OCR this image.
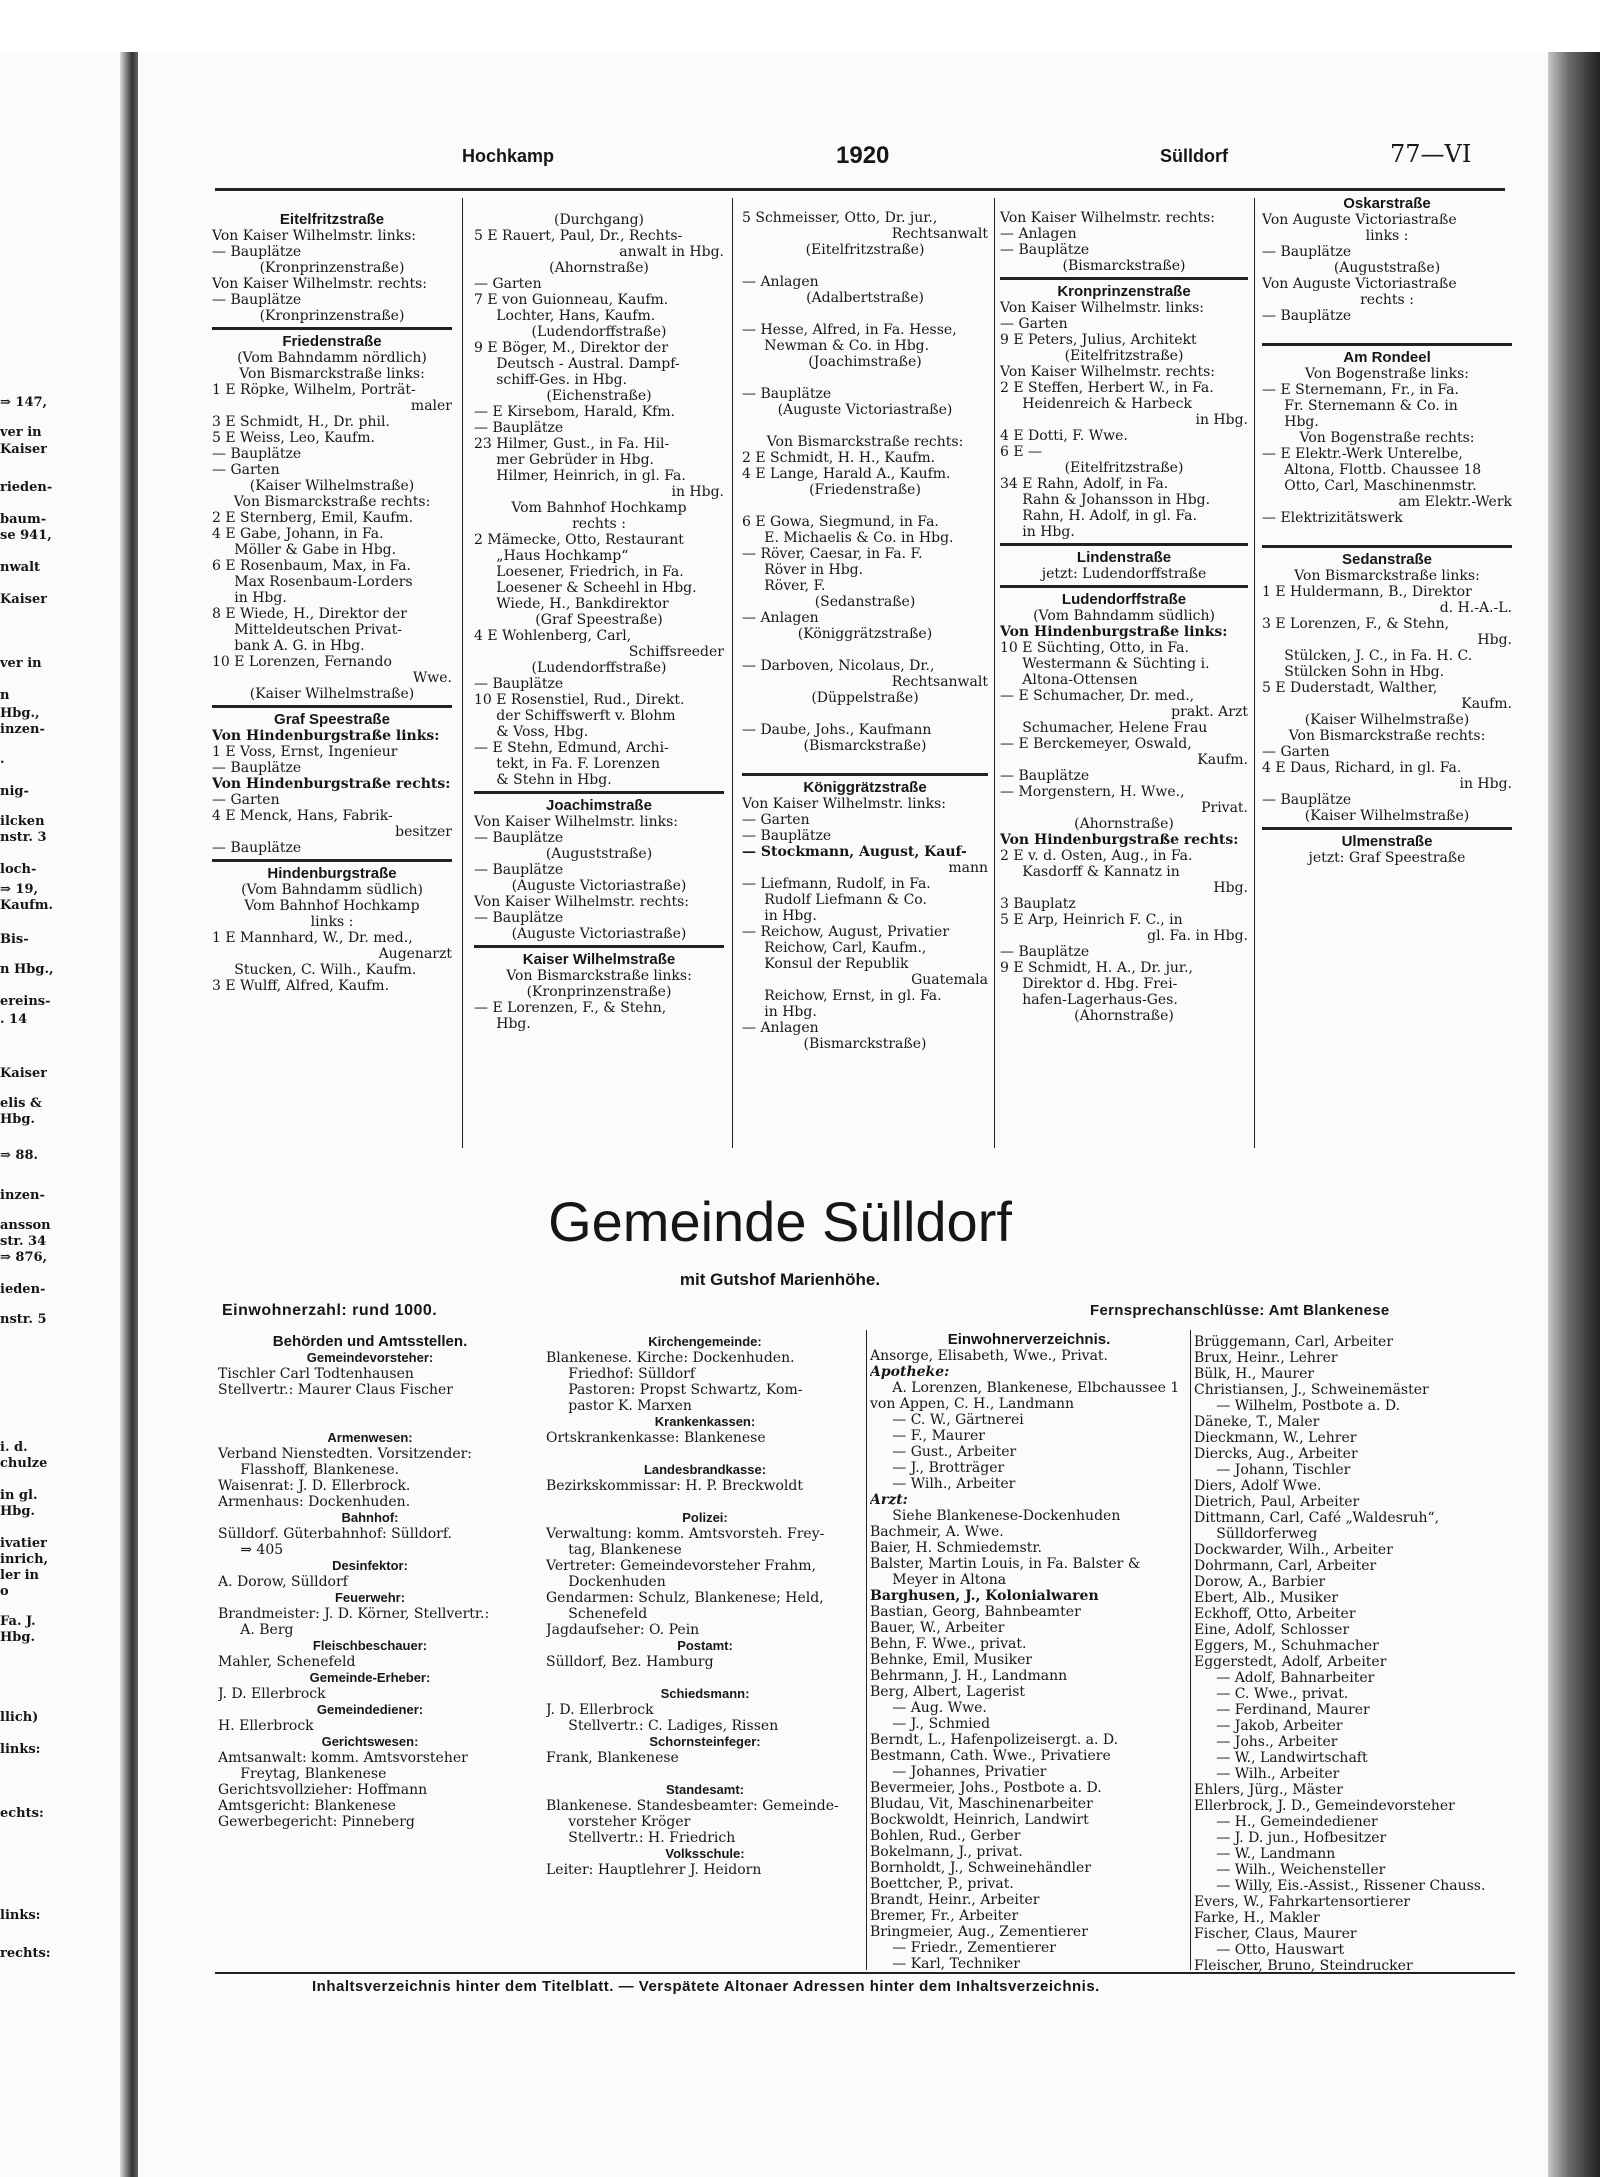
Hochkamp	1920	Sülldorf	77—VI
⇒ 147,
ver in
Kaiser
rieden-
baum-
se 941,
nwalt
Kaiser
ver in
n
Hbg.,
inzen-
.
nig-
ilcken
nstr. 3
loch-
⇒ 19,
Kaufm.
Bis-
n Hbg.,
ereins-
. 14
Kaiser
elis &
Hbg.
⇒ 88.
inzen-
ansson
str. 34
⇒ 876,
ieden-
nstr. 5
i. d.
chulze
in gl.
Hbg.
ivatier
inrich,
ler in
o
Fa. J.
Hbg.
llich)
links:
echts:
links:
rechts:
Eitelfritzstraße
Von Kaiser Wilhelmstr. links:
— Bauplätze
(Kronprinzenstraße)
Von Kaiser Wilhelmstr. rechts:
— Bauplätze
(Kronprinzenstraße)
Friedenstraße
(Vom Bahndamm nördlich)
Von Bismarckstraße links:
1 E Röpke, Wilhelm, Porträt-
maler
3 E Schmidt, H., Dr. phil.
5 E Weiss, Leo, Kaufm.
— Bauplätze
— Garten
(Kaiser Wilhelmstraße)
Von Bismarckstraße rechts:
2 E Sternberg, Emil, Kaufm.
4 E Gabe, Johann, in Fa.
Möller & Gabe in Hbg.
6 E Rosenbaum, Max, in Fa.
Max Rosenbaum-Lorders
in Hbg.
8 E Wiede, H., Direktor der
Mitteldeutschen Privat-
bank A. G. in Hbg.
10 E Lorenzen, Fernando
Wwe.
(Kaiser Wilhelmstraße)
Graf Speestraße
Von Hindenburgstraße links:
1 E Voss, Ernst, Ingenieur
— Bauplätze
Von Hindenburgstraße rechts:
— Garten
4 E Menck, Hans, Fabrik-
besitzer
— Bauplätze
Hindenburgstraße
(Vom Bahndamm südlich)
Vom Bahnhof Hochkamp
links :
1 E Mannhard, W., Dr. med.,
Augenarzt
Stucken, C. Wilh., Kaufm.
3 E Wulff, Alfred, Kaufm.
(Durchgang)
5 E Rauert, Paul, Dr., Rechts-
anwalt in Hbg.
(Ahornstraße)
— Garten
7 E von Guionneau, Kaufm.
Lochter, Hans, Kaufm.
(Ludendorffstraße)
9 E Böger, M., Direktor der
Deutsch - Austral. Dampf-
schiff-Ges. in Hbg.
(Eichenstraße)
— E Kirsebom, Harald, Kfm.
— Bauplätze
23 Hilmer, Gust., in Fa. Hil-
mer Gebrüder in Hbg.
Hilmer, Heinrich, in gl. Fa.
in Hbg.
Vom Bahnhof Hochkamp
rechts :
2 Mämecke, Otto, Restaurant
„Haus Hochkamp“
Loesener, Friedrich, in Fa.
Loesener & Scheehl in Hbg.
Wiede, H., Bankdirektor
(Graf Speestraße)
4 E Wohlenberg, Carl,
Schiffsreeder
(Ludendorffstraße)
— Bauplätze
10 E Rosenstiel, Rud., Direkt.
der Schiffswerft v. Blohm
& Voss, Hbg.
— E Stehn, Edmund, Archi-
tekt, in Fa. F. Lorenzen
& Stehn in Hbg.
Joachimstraße
Von Kaiser Wilhelmstr. links:
— Bauplätze
(Auguststraße)
— Bauplätze
(Auguste Victoriastraße)
Von Kaiser Wilhelmstr. rechts:
— Bauplätze
(Auguste Victoriastraße)
Kaiser Wilhelmstraße
Von Bismarckstraße links:
(Kronprinzenstraße)
— E Lorenzen, F., & Stehn,
Hbg.
5 Schmeisser, Otto, Dr. jur.,
Rechtsanwalt
(Eitelfritzstraße)
— Anlagen
(Adalbertstraße)
— Hesse, Alfred, in Fa. Hesse,
Newman & Co. in Hbg.
(Joachimstraße)
— Bauplätze
(Auguste Victoriastraße)
Von Bismarckstraße rechts:
2 E Schmidt, H. H., Kaufm.
4 E Lange, Harald A., Kaufm.
(Friedenstraße)
6 E Gowa, Siegmund, in Fa.
E. Michaelis & Co. in Hbg.
— Röver, Caesar, in Fa. F.
Röver in Hbg.
Röver, F.
(Sedanstraße)
— Anlagen
(Königgrätzstraße)
— Darboven, Nicolaus, Dr.,
Rechtsanwalt
(Düppelstraße)
— Daube, Johs., Kaufmann
(Bismarckstraße)
Königgrätzstraße
Von Kaiser Wilhelmstr. links:
— Garten
— Bauplätze
— Stockmann, August, Kauf-
mann
— Liefmann, Rudolf, in Fa.
Rudolf Liefmann & Co.
in Hbg.
— Reichow, August, Privatier
Reichow, Carl, Kaufm.,
Konsul der Republik
Guatemala
Reichow, Ernst, in gl. Fa.
in Hbg.
— Anlagen
(Bismarckstraße)
Von Kaiser Wilhelmstr. rechts:
— Anlagen
— Bauplätze
(Bismarckstraße)
Kronprinzenstraße
Von Kaiser Wilhelmstr. links:
— Garten
9 E Peters, Julius, Architekt
(Eitelfritzstraße)
Von Kaiser Wilhelmstr. rechts:
2 E Steffen, Herbert W., in Fa.
Heidenreich & Harbeck
in Hbg.
4 E Dotti, F. Wwe.
6 E —
(Eitelfritzstraße)
34 E Rahn, Adolf, in Fa.
Rahn & Johansson in Hbg.
Rahn, H. Adolf, in gl. Fa.
in Hbg.
Lindenstraße
jetzt: Ludendorffstraße
Ludendorffstraße
(Vom Bahndamm südlich)
Von Hindenburgstraße links:
10 E Süchting, Otto, in Fa.
Westermann & Süchting i.
Altona-Ottensen
— E Schumacher, Dr. med.,
prakt. Arzt
Schumacher, Helene Frau
— E Berckemeyer, Oswald,
Kaufm.
— Bauplätze
— Morgenstern, H. Wwe.,
Privat.
(Ahornstraße)
Von Hindenburgstraße rechts:
2 E v. d. Osten, Aug., in Fa.
Kasdorff & Kannatz in
Hbg.
3 Bauplatz
5 E Arp, Heinrich F. C., in
gl. Fa. in Hbg.
— Bauplätze
9 E Schmidt, H. A., Dr. jur.,
Direktor d. Hbg. Frei-
hafen-Lagerhaus-Ges.
(Ahornstraße)
Oskarstraße
Von Auguste Victoriastraße
links :
— Bauplätze
(Auguststraße)
Von Auguste Victoriastraße
rechts :
— Bauplätze
Am Rondeel
Von Bogenstraße links:
— E Sternemann, Fr., in Fa.
Fr. Sternemann & Co. in
Hbg.
Von Bogenstraße rechts:
— E Elektr.-Werk Unterelbe,
Altona, Flottb. Chaussee 18
Otto, Carl, Maschinenmstr.
am Elektr.-Werk
— Elektrizitätswerk
Sedanstraße
Von Bismarckstraße links:
1 E Huldermann, B., Direktor
d. H.-A.-L.
3 E Lorenzen, F., & Stehn,
Hbg.
Stülcken, J. C., in Fa. H. C.
Stülcken Sohn in Hbg.
5 E Duderstadt, Walther,
Kaufm.
(Kaiser Wilhelmstraße)
Von Bismarckstraße rechts:
— Garten
4 E Daus, Richard, in gl. Fa.
in Hbg.
— Bauplätze
(Kaiser Wilhelmstraße)
Ulmenstraße
jetzt: Graf Speestraße
Behörden und Amtsstellen.
Gemeindevorsteher:
Tischler Carl Todtenhausen
Stellvertr.: Maurer Claus Fischer
Armenwesen:
Verband Nienstedten. Vorsitzender:
Flasshoff, Blankenese.
Waisenrat: J. D. Ellerbrock.
Armenhaus: Dockenhuden.
Bahnhof:
Sülldorf. Güterbahnhof: Sülldorf.
⇒ 405
Desinfektor:
A. Dorow, Sülldorf
Feuerwehr:
Brandmeister: J. D. Körner, Stellvertr.:
A. Berg
Fleischbeschauer:
Mahler, Schenefeld
Gemeinde-Erheber:
J. D. Ellerbrock
Gemeindediener:
H. Ellerbrock
Gerichtswesen:
Amtsanwalt: komm. Amtsvorsteher
Freytag, Blankenese
Gerichtsvollzieher: Hoffmann
Amtsgericht: Blankenese
Gewerbegericht: Pinneberg
Kirchengemeinde:
Blankenese. Kirche: Dockenhuden.
Friedhof: Sülldorf
Pastoren: Propst Schwartz, Kom-
pastor K. Marxen
Krankenkassen:
Ortskrankenkasse: Blankenese
Landesbrandkasse:
Bezirkskommissar: H. P. Breckwoldt
Polizei:
Verwaltung: komm. Amtsvorsteh. Frey-
tag, Blankenese
Vertreter: Gemeindevorsteher Frahm,
Dockenhuden
Gendarmen: Schulz, Blankenese; Held,
Schenefeld
Jagdaufseher: O. Pein
Postamt:
Sülldorf, Bez. Hamburg
Schiedsmann:
J. D. Ellerbrock
Stellvertr.: C. Ladiges, Rissen
Schornsteinfeger:
Frank, Blankenese
Standesamt:
Blankenese. Standesbeamter: Gemeinde-
vorsteher Kröger
Stellvertr.: H. Friedrich
Volksschule:
Leiter: Hauptlehrer J. Heidorn
Einwohnerverzeichnis.
Ansorge, Elisabeth, Wwe., Privat.
Apotheke:
A. Lorenzen, Blankenese, Elbchaussee 1
von Appen, C. H., Landmann
— C. W., Gärtnerei
— F., Maurer
— Gust., Arbeiter
— J., Brotträger
— Wilh., Arbeiter
Arzt:
Siehe Blankenese-Dockenhuden
Bachmeir, A. Wwe.
Baier, H. Schmiedemstr.
Balster, Martin Louis, in Fa. Balster &
Meyer in Altona
Barghusen, J., Kolonialwaren
Bastian, Georg, Bahnbeamter
Bauer, W., Arbeiter
Behn, F. Wwe., privat.
Behnke, Emil, Musiker
Behrmann, J. H., Landmann
Berg, Albert, Lagerist
— Aug. Wwe.
— J., Schmied
Berndt, L., Hafenpolizeisergt. a. D.
Bestmann, Cath. Wwe., Privatiere
— Johannes, Privatier
Bevermeier, Johs., Postbote a. D.
Bludau, Vit, Maschinenarbeiter
Bockwoldt, Heinrich, Landwirt
Bohlen, Rud., Gerber
Bokelmann, J., privat.
Bornholdt, J., Schweinehändler
Boettcher, P., privat.
Brandt, Heinr., Arbeiter
Bremer, Fr., Arbeiter
Bringmeier, Aug., Zementierer
— Friedr., Zementierer
— Karl, Techniker
Brüggemann, Carl, Arbeiter
Brux, Heinr., Lehrer
Bülk, H., Maurer
Christiansen, J., Schweinemäster
— Wilhelm, Postbote a. D.
Däneke, T., Maler
Dieckmann, W., Lehrer
Diercks, Aug., Arbeiter
— Johann, Tischler
Diers, Adolf Wwe.
Dietrich, Paul, Arbeiter
Dittmann, Carl, Café „Waldesruh“,
Sülldorferweg
Dockwarder, Wilh., Arbeiter
Dohrmann, Carl, Arbeiter
Dorow, A., Barbier
Ebert, Alb., Musiker
Eckhoff, Otto, Arbeiter
Eine, Adolf, Schlosser
Eggers, M., Schuhmacher
Eggerstedt, Adolf, Arbeiter
— Adolf, Bahnarbeiter
— C. Wwe., privat.
— Ferdinand, Maurer
— Jakob, Arbeiter
— Johs., Arbeiter
— W., Landwirtschaft
— Wilh., Arbeiter
Ehlers, Jürg., Mäster
Ellerbrock, J. D., Gemeindevorsteher
— H., Gemeindediener
— J. D. jun., Hofbesitzer
— W., Landmann
— Wilh., Weichensteller
— Willy, Eis.-Assist., Rissener Chauss.
Evers, W., Fahrkartensortierer
Farke, H., Makler
Fischer, Claus, Maurer
— Otto, Hauswart
Fleischer, Bruno, Steindrucker
Gemeinde Sülldorf
mit Gutshof Marienhöhe.
Einwohnerzahl: rund 1000.	Fernsprechanschlüsse: Amt Blankenese
Inhaltsverzeichnis hinter dem Titelblatt. — Verspätete Altonaer Adressen hinter dem Inhaltsverzeichnis.
